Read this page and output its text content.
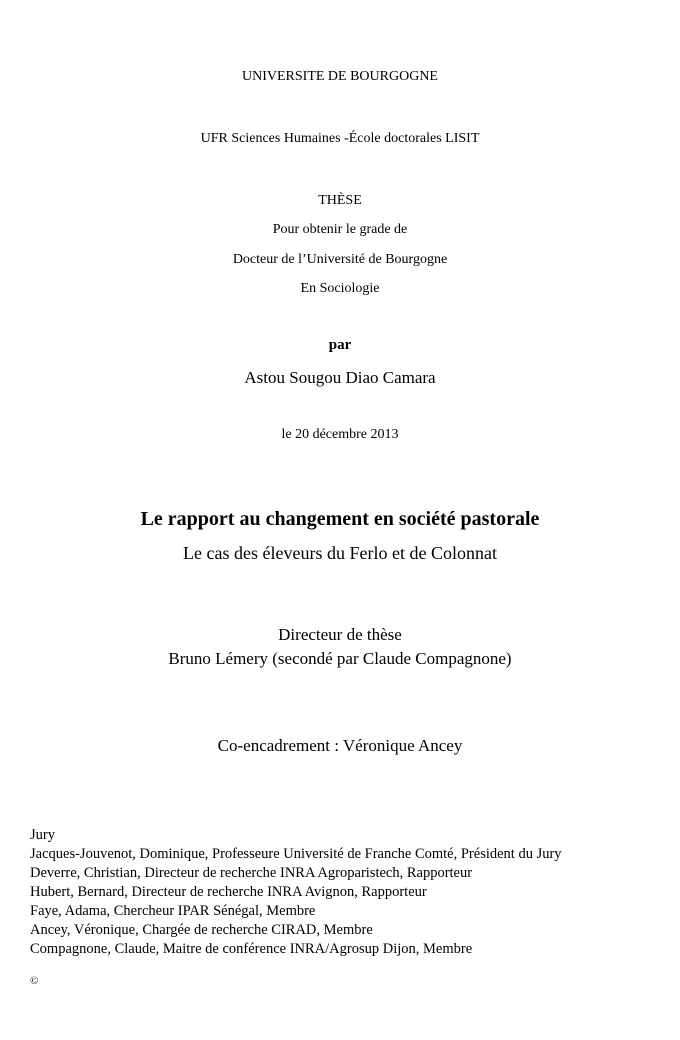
UNIVERSITE DE BOURGOGNE
UFR Sciences Humaines -École doctorales LISIT
THÈSE
Pour obtenir le grade de
Docteur de l’Université de Bourgogne
En Sociologie
par
Astou Sougou Diao Camara
le 20 décembre 2013
Le rapport au changement en société pastorale
Le cas des éleveurs du Ferlo et de Colonnat
Directeur de thèse
Bruno Lémery (secondé par Claude Compagnone)
Co-encadrement : Véronique Ancey
Jury
Jacques-Jouvenot, Dominique, Professeure Université de Franche Comté, Président du Jury
Deverre, Christian, Directeur de recherche INRA Agroparistech, Rapporteur
Hubert, Bernard, Directeur de recherche INRA Avignon, Rapporteur
Faye, Adama, Chercheur IPAR Sénégal, Membre
Ancey, Véronique, Chargée de recherche CIRAD, Membre
Compagnone, Claude, Maitre de conférence INRA/Agrosup Dijon, Membre
©
